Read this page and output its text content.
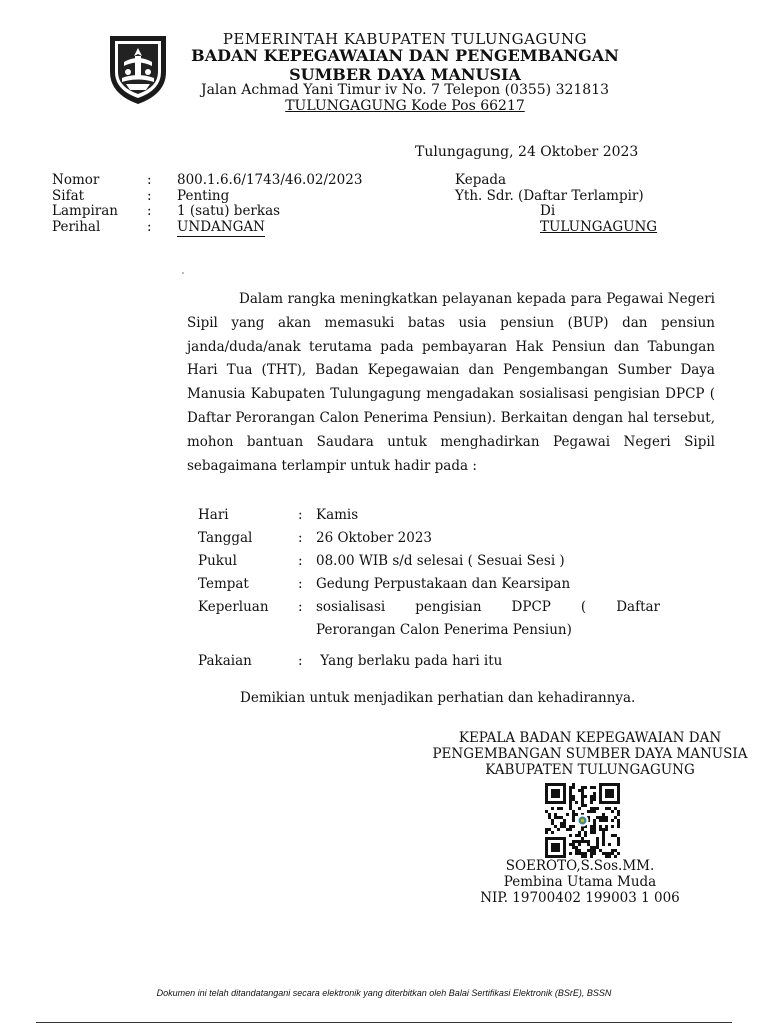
PEMERINTAH KABUPATEN TULUNGAGUNG
BADAN KEPEGAWAIAN DAN PENGEMBANGAN
SUMBER DAYA MANUSIA
Jalan Achmad Yani Timur iv No. 7 Telepon (0355) 321813
TULUNGAGUNG Kode Pos 66217
Tulungagung, 24 Oktober 2023
Nomor	: 800.1.6.6/1743/46.02/2023
Sifat	: Penting
Lampiran : 1 (satu) berkas
Perihal	: UNDANGAN
Kepada
Yth. Sdr. (Daftar Terlampir)
Di
TULUNGAGUNG

Dalam rangka meningkatkan pelayanan kepada para Pegawai Negeri Sipil yang akan memasuki batas usia pensiun (BUP) dan pensiun janda/duda/anak terutama pada pembayaran Hak Pensiun dan Tabungan Hari Tua (THT), Badan Kepegawaian dan Pengembangan Sumber Daya Manusia Kabupaten Tulungagung mengadakan sosialisasi pengisian DPCP ( Daftar Perorangan Calon Penerima Pensiun). Berkaitan dengan hal tersebut, mohon bantuan Saudara untuk menghadirkan Pegawai Negeri Sipil sebagaimana terlampir untuk hadir pada :

Hari	: Kamis
Tanggal	: 26 Oktober 2023
Pukul	: 08.00 WIB s/d selesai ( Sesuai Sesi )
Tempat	: Gedung Perpustakaan dan Kearsipan
Keperluan	: sosialisasi pengisian DPCP ( Daftar
Perorangan Calon Penerima Pensiun)
Pakaian	: Yang berlaku pada hari itu
Demikian untuk menjadikan perhatian dan kehadirannya.
KEPALA BADAN KEPEGAWAIAN DAN
PENGEMBANGAN SUMBER DAYA MANUSIA
KABUPATEN TULUNGAGUNG
SOEROTO,S.Sos.MM.
Pembina Utama Muda
NIP. 19700402 199003 1 006
Dokumen ini telah ditandatangani secara elektronik yang diterbitkan oleh Balai Sertifikasi Elektronik (BSrE), BSSN
